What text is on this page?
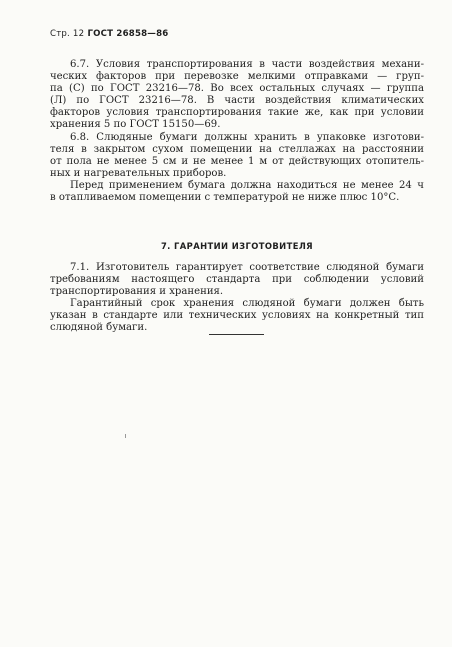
Стр. 12 ГОСТ 26858—86
6.7. Условия транспортирования в части воздействия механи-
ческих факторов при перевозке мелкими отправками — груп-
па (С) по ГОСТ 23216—78. Во всех остальных случаях — группа
(Л) по ГОСТ 23216—78. В части воздействия климатических
факторов условия транспортирования такие же, как при условии
хранения 5 по ГОСТ 15150—69.
6.8. Слюдяные бумаги должны хранить в упаковке изготови-
теля в закрытом сухом помещении на стеллажах на расстоянии
от пола не менее 5 см и не менее 1 м от действующих отопитель-
ных и нагревательных приборов.
Перед применением бумага должна находиться не менее 24 ч
в отапливаемом помещении с температурой не ниже плюс 10°С.
7. ГАРАНТИИ ИЗГОТОВИТЕЛЯ
7.1. Изготовитель гарантирует соответствие слюдяной бумаги
требованиям настоящего стандарта при соблюдении условий
транспортирования и хранения.
Гарантийный срок хранения слюдяной бумаги должен быть
указан в стандарте или технических условиях на конкретный тип
слюдяной бумаги.
